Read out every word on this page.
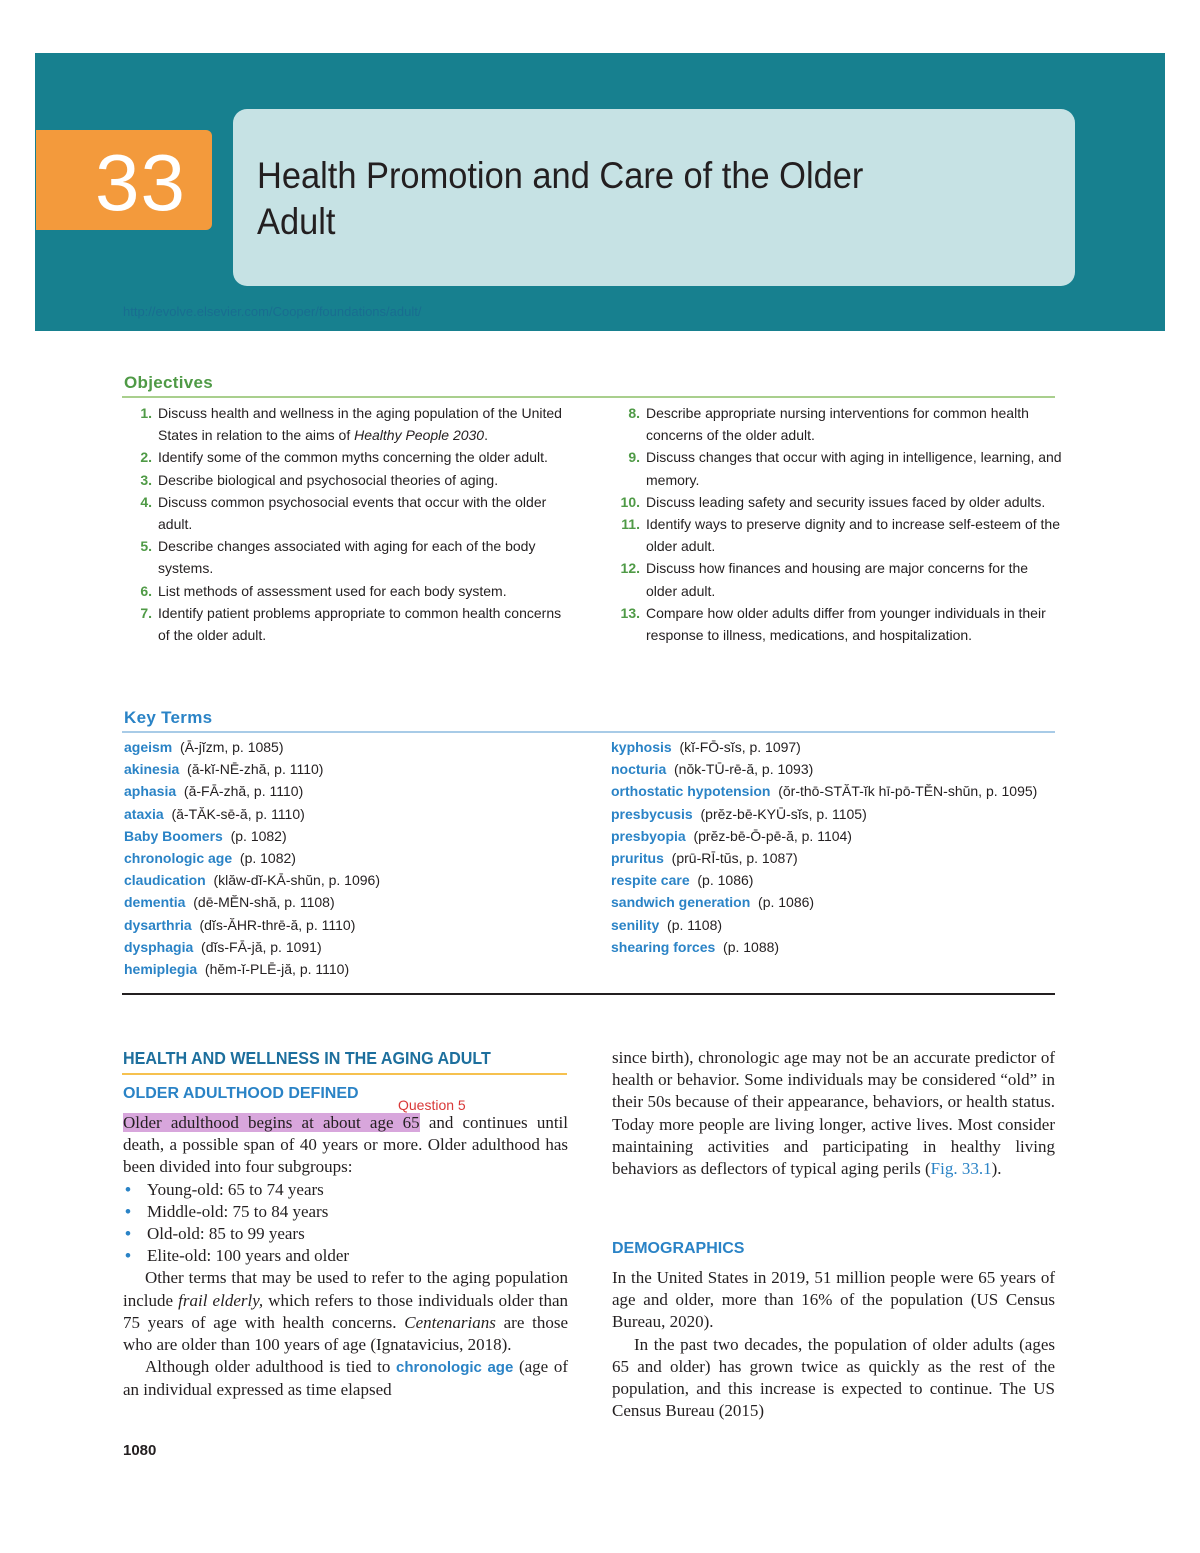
33 Health Promotion and Care of the Older
Adult
http://evolve.elsevier.com/Cooper/foundations/adult/
Objectives
1. Discuss health and wellness in the aging population of the United States in relation to the aims of Healthy People 2030.
2. Identify some of the common myths concerning the older adult.
3. Describe biological and psychosocial theories of aging.
4. Discuss common psychosocial events that occur with the older adult.
5. Describe changes associated with aging for each of the body systems.
6. List methods of assessment used for each body system.
7. Identify patient problems appropriate to common health concerns of the older adult.
8. Describe appropriate nursing interventions for common health concerns of the older adult.
9. Discuss changes that occur with aging in intelligence, learning, and memory.
10. Discuss leading safety and security issues faced by older adults.
11. Identify ways to preserve dignity and to increase self-esteem of the older adult.
12. Discuss how finances and housing are major concerns for the older adult.
13. Compare how older adults differ from younger individuals in their response to illness, medications, and hospitalization.
Key Terms
ageism (Ā-jĭzm, p. 1085)
akinesia (ă-kĭ-NĒ-zhă, p. 1110)
aphasia (ă-FĀ-zhă, p. 1110)
ataxia (ă-TĂK-sē-ă, p. 1110)
Baby Boomers (p. 1082)
chronologic age (p. 1082)
claudication (klăw-dĭ-KĀ-shŭn, p. 1096)
dementia (dē-MĔN-shă, p. 1108)
dysarthria (dĭs-ĂHR-thrē-ă, p. 1110)
dysphagia (dĭs-FĀ-jă, p. 1091)
hemiplegia (hĕm-ĭ-PLĒ-jă, p. 1110)
kyphosis (kĭ-FŌ-sĭs, p. 1097)
nocturia (nŏk-TŪ-rē-ă, p. 1093)
orthostatic hypotension (ŏr-thō-STĂT-ĭk hī-pō-TĔN-shŭn, p. 1095)
presbycusis (prĕz-bē-KYŪ-sĭs, p. 1105)
presbyopia (prĕz-bē-Ō-pē-ă, p. 1104)
pruritus (prū-RĪ-tŭs, p. 1087)
respite care (p. 1086)
sandwich generation (p. 1086)
senility (p. 1108)
shearing forces (p. 1088)
HEALTH AND WELLNESS IN THE AGING ADULT
OLDER ADULTHOOD DEFINED
Question 5

Older adulthood begins at about age 65 and continues until death, a possible span of 40 years or more. Older adulthood has been divided into four subgroups:

• Young-old: 65 to 74 years
• Middle-old: 75 to 84 years
• Old-old: 85 to 99 years
• Elite-old: 100 years and older

Other terms that may be used to refer to the aging population include frail elderly, which refers to those individuals older than 75 years of age with health concerns. Centenarians are those who are older than 100 years of age (Ignatavicius, 2018).

Although older adulthood is tied to chronologic age (age of an individual expressed as time elapsed

since birth), chronologic age may not be an accurate predictor of health or behavior. Some individuals may be considered “old” in their 50s because of their appearance, behaviors, or health status. Today more people are living longer, active lives. Most consider maintaining activities and participating in healthy living behaviors as deflectors of typical aging perils (Fig. 33.1).

DEMOGRAPHICS

In the United States in 2019, 51 million people were 65 years of age and older, more than 16% of the population (US Census Bureau, 2020).

In the past two decades, the population of older adults (ages 65 and older) has grown twice as quickly as the rest of the population, and this increase is expected to continue. The US Census Bureau (2015)

1080
